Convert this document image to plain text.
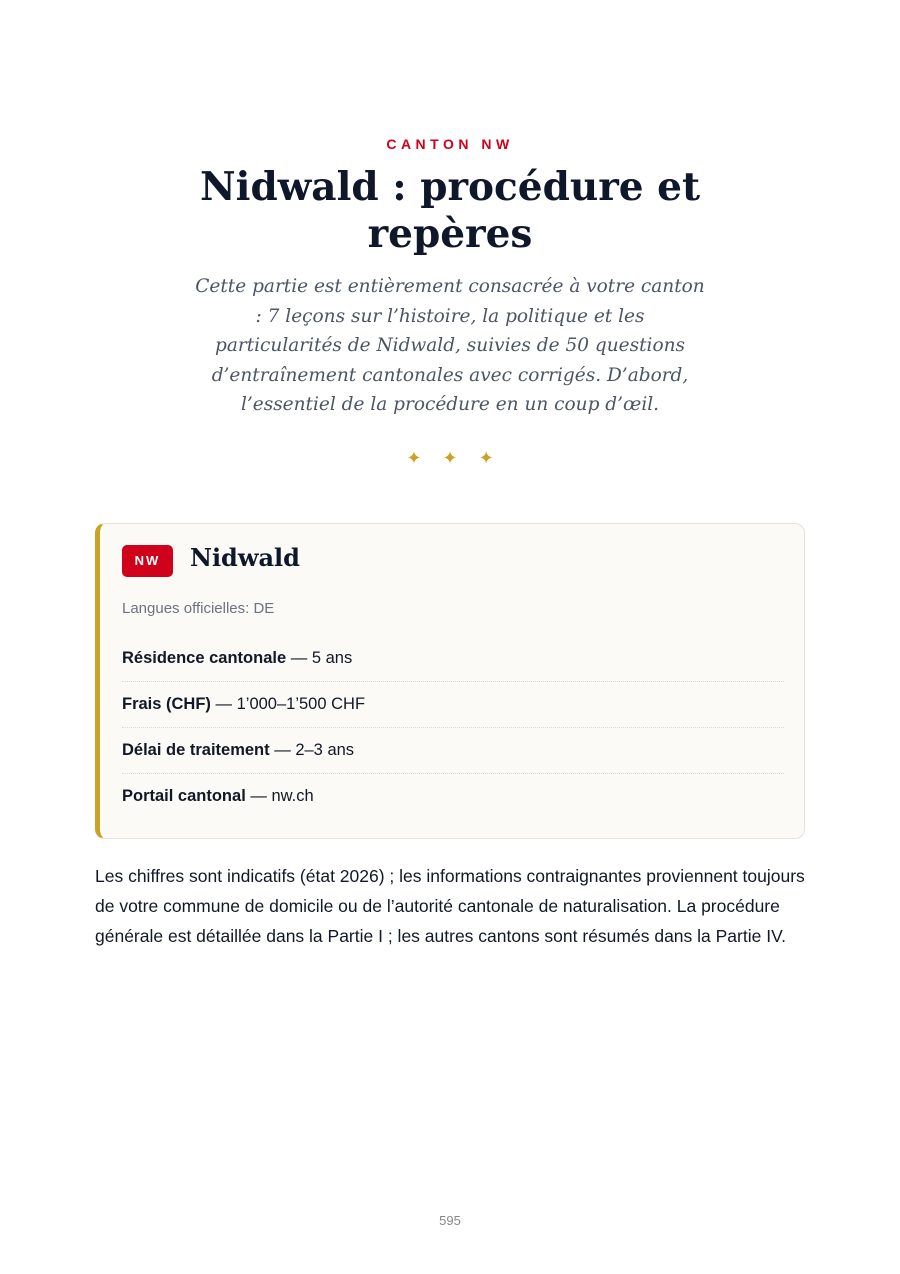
CANTON NW
Nidwald : procédure et repères

Cette partie est entièrement consacrée à votre canton : 7 leçons sur l’histoire, la politique et les particularités de Nidwald, suivies de 50 questions d’entraînement cantonales avec corrigés. D’abord, l’essentiel de la procédure en un coup d’œil.

✦ ✦ ✦
NW	Nidwald
Langues officielles: DE
Résidence cantonale — 5 ans
Frais (CHF) — 1’000–1’500 CHF
Délai de traitement — 2–3 ans
Portail cantonal — nw.ch

Les chiffres sont indicatifs (état 2026) ; les informations contraignantes proviennent toujours de votre commune de domicile ou de l’autorité cantonale de naturalisation. La procédure générale est détaillée dans la Partie I ; les autres cantons sont résumés dans la Partie IV.

595
